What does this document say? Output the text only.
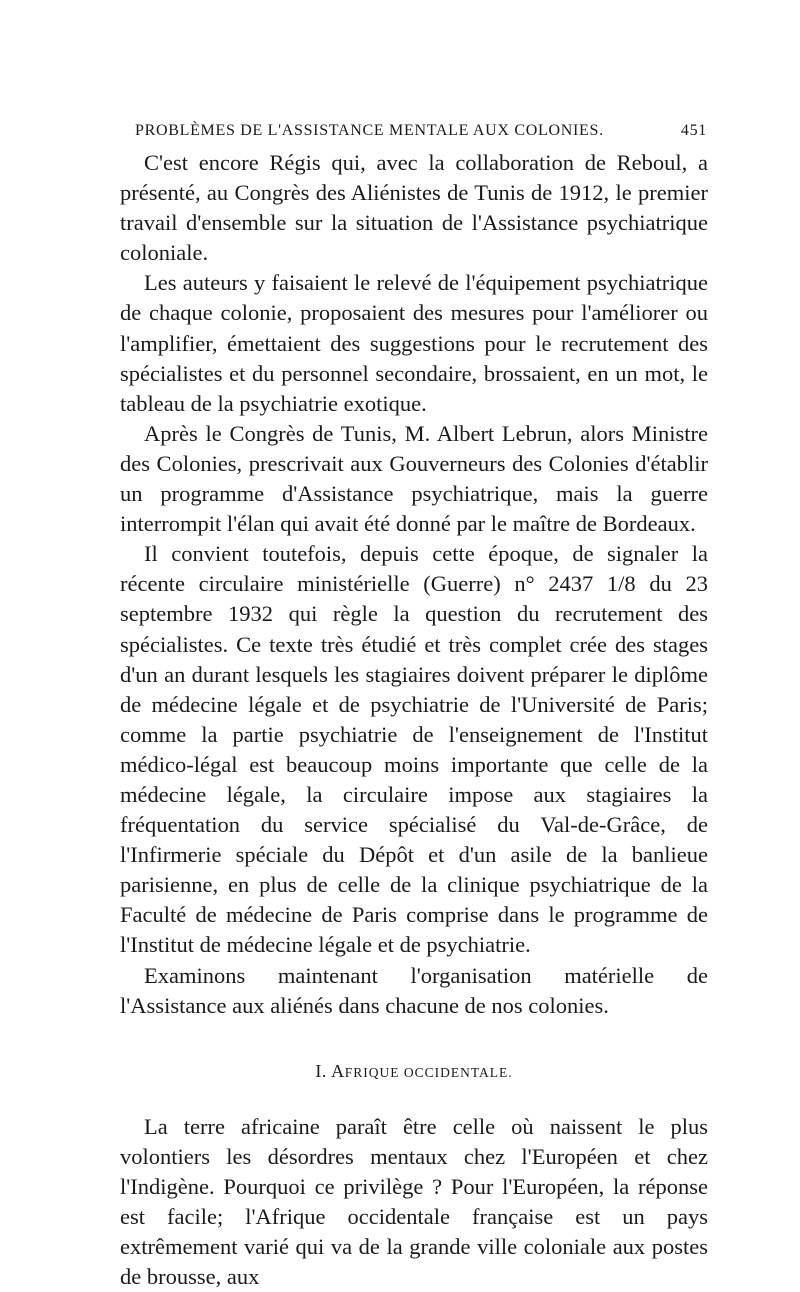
PROBLÈMES DE L'ASSISTANCE MENTALE AUX COLONIES.	451

C'est encore Régis qui, avec la collaboration de Reboul, a présenté, au Congrès des Aliénistes de Tunis de 1912, le premier travail d'ensemble sur la situation de l'Assistance psychiatrique coloniale.

Les auteurs y faisaient le relevé de l'équipement psychiatrique de chaque colonie, proposaient des mesures pour l'améliorer ou l'amplifier, émettaient des suggestions pour le recrutement des spécialistes et du personnel secondaire, brossaient, en un mot, le tableau de la psychiatrie exotique.

Après le Congrès de Tunis, M. Albert Lebrun, alors Ministre des Colonies, prescrivait aux Gouverneurs des Colonies d'établir un programme d'Assistance psychiatrique, mais la guerre interrompit l'élan qui avait été donné par le maître de Bordeaux.

Il convient toutefois, depuis cette époque, de signaler la récente circulaire ministérielle (Guerre) n° 2437 1/8 du 23 septembre 1932 qui règle la question du recrutement des spécialistes. Ce texte très étudié et très complet crée des stages d'un an durant lesquels les stagiaires doivent préparer le diplôme de médecine légale et de psychiatrie de l'Université de Paris; comme la partie psychiatrie de l'enseignement de l'Institut médico-légal est beaucoup moins importante que celle de la médecine légale, la circulaire impose aux stagiaires la fréquentation du service spécialisé du Val-de-Grâce, de l'Infirmerie spéciale du Dépôt et d'un asile de la banlieue parisienne, en plus de celle de la clinique psychiatrique de la Faculté de médecine de Paris comprise dans le programme de l'Institut de médecine légale et de psychiatrie.

Examinons maintenant l'organisation matérielle de l'Assistance aux aliénés dans chacune de nos colonies.

I. AFRIQUE OCCIDENTALE.

La terre africaine paraît être celle où naissent le plus volontiers les désordres mentaux chez l'Européen et chez l'Indigène. Pourquoi ce privilège ? Pour l'Européen, la réponse est facile; l'Afrique occidentale française est un pays extrêmement varié qui va de la grande ville coloniale aux postes de brousse, aux
